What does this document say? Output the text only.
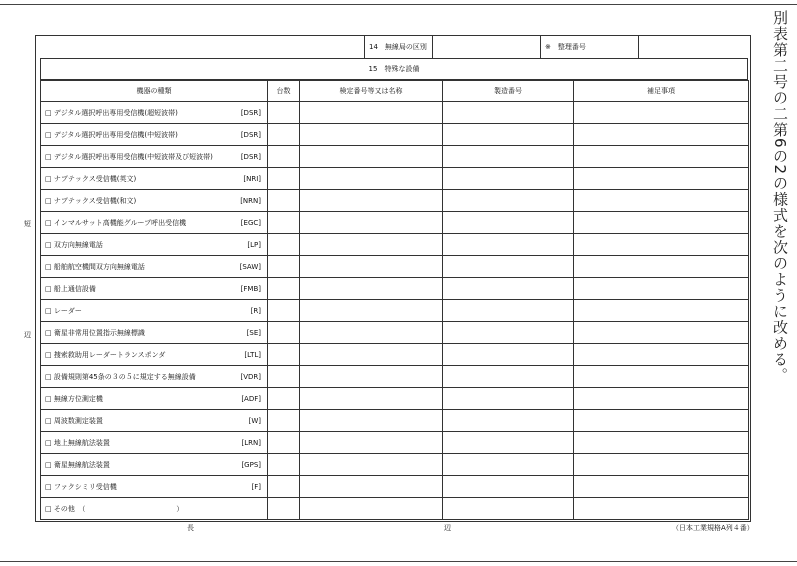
別表第二号の二第6の2の様式を次のように改める。
短
辺
14　無線局の区別	※　整理番号
15　特殊な設備
機器の種類	台数	検定番号等又は名称	製造番号	補足事項
□ デジタル選択呼出専用受信機(超短波帯) [DSR]				

□ デジタル選択呼出専用受信機(中短波帯) [DSR]				

□ デジタル選択呼出専用受信機(中短波帯及び短波帯) [DSR]				

□ ナブテックス受信機(英文) [NRI]				

□ ナブテックス受信機(和文) [NRN]				

□ インマルサット高機能グループ呼出受信機 [EGC]				

□ 双方向無線電話 [LP]				

□ 船舶航空機間双方向無線電話 [SAW]				

□ 船上通信設備 [FMB]				

□ レーダー [R]				

□ 衛星非常用位置指示無線標識 [SE]				

□ 捜索救助用レーダートランスポンダ [LTL]				

□ 設備規則第45条の３の５に規定する無線設備 [VDR]				

□ 無線方位測定機 [ADF]				

□ 周波数測定装置 [W]				

□ 地上無線航法装置 [LRN]				

□ 衛星無線航法装置 [GPS]				

□ ファクシミリ受信機 [F]				

□ その他　（　　　　　　　　　　　　　）

長	辺	（日本工業規格A列４番）
